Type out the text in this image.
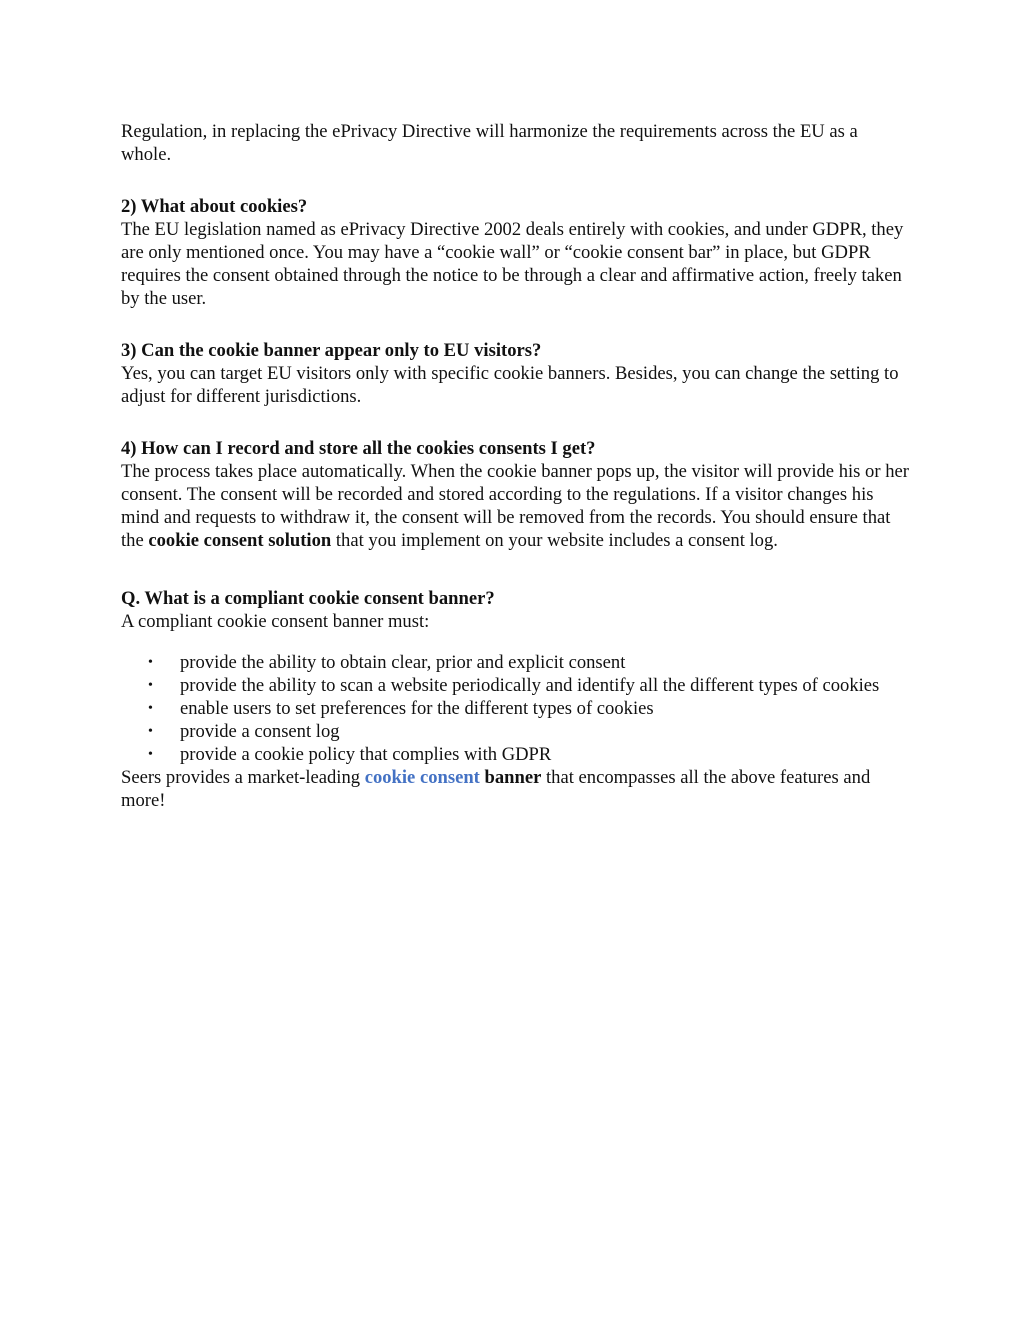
Regulation, in replacing the ePrivacy Directive will harmonize the requirements across the EU as a whole.

2) What about cookies?

The EU legislation named as ePrivacy Directive 2002 deals entirely with cookies, and under GDPR, they are only mentioned once. You may have a “cookie wall” or “cookie consent bar” in place, but GDPR requires the consent obtained through the notice to be through a clear and affirmative action, freely taken by the user.

3) Can the cookie banner appear only to EU visitors?

Yes, you can target EU visitors only with specific cookie banners. Besides, you can change the setting to adjust for different jurisdictions.

4) How can I record and store all the cookies consents I get?

The process takes place automatically. When the cookie banner pops up, the visitor will provide his or her consent. The consent will be recorded and stored according to the regulations. If a visitor changes his mind and requests to withdraw it, the consent will be removed from the records. You should ensure that the cookie consent solution that you implement on your website includes a consent log.

Q. What is a compliant cookie consent banner?

A compliant cookie consent banner must:

• provide the ability to obtain clear, prior and explicit consent
• provide the ability to scan a website periodically and identify all the different types of cookies
• enable users to set preferences for the different types of cookies
• provide a consent log
• provide a cookie policy that complies with GDPR

Seers provides a market-leading cookie consent banner that encompasses all the above features and more!
